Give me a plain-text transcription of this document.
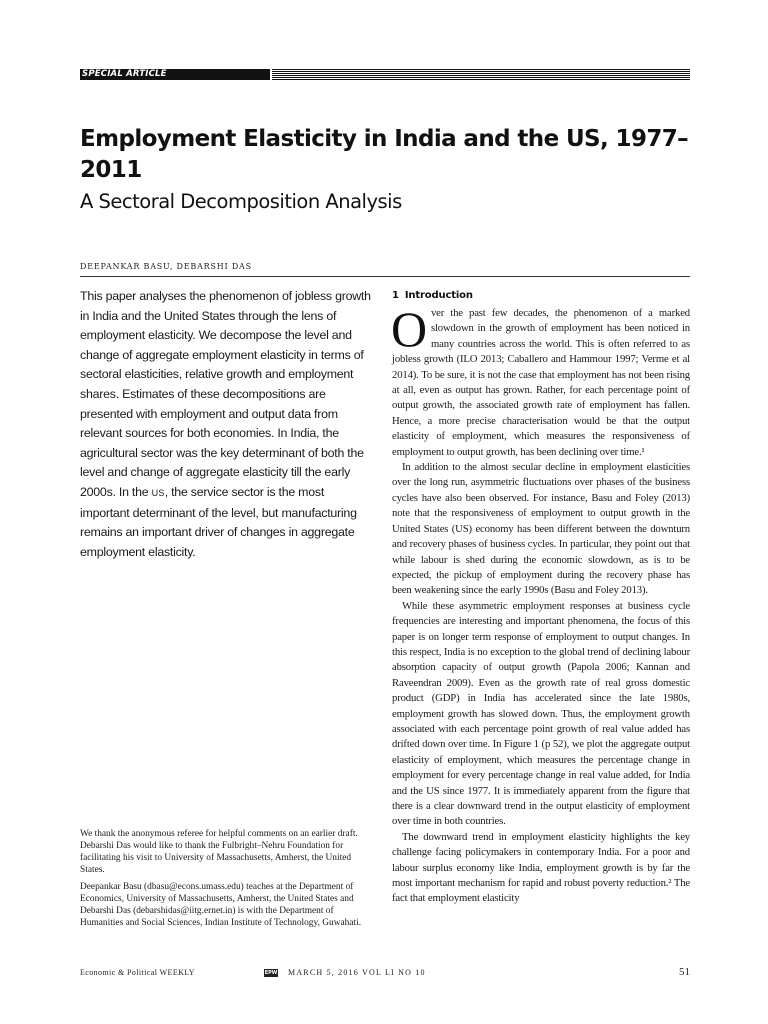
SPECIAL ARTICLE
Employment Elasticity in India and the US, 1977–2011
A Sectoral Decomposition Analysis
DEEPANKAR BASU, DEBARSHI DAS

This paper analyses the phenomenon of jobless growth in India and the United States through the lens of employment elasticity. We decompose the level and change of aggregate employment elasticity in terms of sectoral elasticities, relative growth and employment shares. Estimates of these decompositions are presented with employment and output data from relevant sources for both economies. In India, the agricultural sector was the key determinant of both the level and change of aggregate elasticity till the early 2000s. In the US, the service sector is the most important determinant of the level, but manufacturing remains an important driver of changes in aggregate employment elasticity.

We thank the anonymous referee for helpful comments on an earlier draft. Debarshi Das would like to thank the Fulbright–Nehru Foundation for facilitating his visit to University of Massachusetts, Amherst, the United States.

Deepankar Basu (dbasu@econs.umass.edu) teaches at the Department of Economics, University of Massachusetts, Amherst, the United States and Debarshi Das (debarshidas@iitg.ernet.in) is with the Department of Humanities and Social Sciences, Indian Institute of Technology, Guwahati.

1 Introduction

Over the past few decades, the phenomenon of a marked slowdown in the growth of employment has been noticed in many countries across the world. This is often referred to as jobless growth (ILO 2013; Caballero and Hammour 1997; Verme et al 2014). To be sure, it is not the case that employment has not been rising at all, even as output has grown. Rather, for each percentage point of output growth, the associated growth rate of employment has fallen. Hence, a more precise characterisation would be that the output elasticity of employment, which measures the responsiveness of employment to output growth, has been declining over time.¹

In addition to the almost secular decline in employment elasticities over the long run, asymmetric fluctuations over phases of the business cycles have also been observed. For instance, Basu and Foley (2013) note that the responsiveness of employment to output growth in the United States (US) economy has been different between the downturn and recovery phases of business cycles. In particular, they point out that while labour is shed during the economic slowdown, as is to be expected, the pickup of employment during the recovery phase has been weakening since the early 1990s (Basu and Foley 2013).

While these asymmetric employment responses at business cycle frequencies are interesting and important phenomena, the focus of this paper is on longer term response of employment to output changes. In this respect, India is no exception to the global trend of declining labour absorption capacity of output growth (Papola 2006; Kannan and Raveendran 2009). Even as the growth rate of real gross domestic product (GDP) in India has accelerated since the late 1980s, employment growth has slowed down. Thus, the employment growth associated with each percentage point growth of real value added has drifted down over time. In Figure 1 (p 52), we plot the aggregate output elasticity of employment, which measures the percentage change in employment for every percentage change in real value added, for India and the US since 1977. It is immediately apparent from the figure that there is a clear downward trend in the output elasticity of employment over time in both countries.

The downward trend in employment elasticity highlights the key challenge facing policymakers in contemporary India. For a poor and labour surplus economy like India, employment growth is by far the most important mechanism for rapid and robust poverty reduction.² The fact that employment elasticity

Economic & Political WEEKLY	EPW MARCH 5, 2016 VOL LI NO 10	51
